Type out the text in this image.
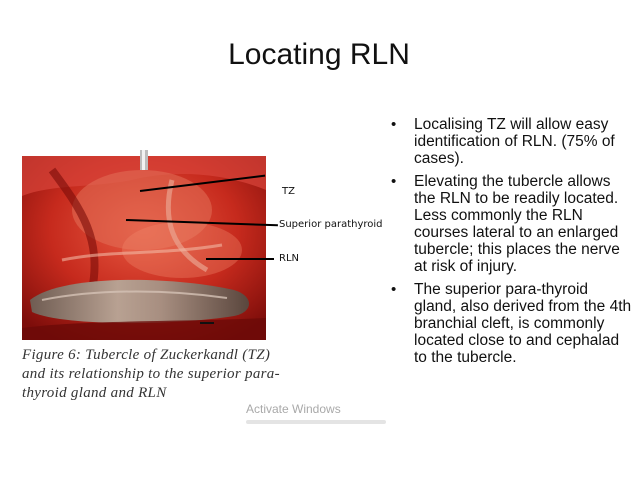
Locating RLN
TZ
Superior parathyroid
RLN
Figure 6: Tubercle of Zuckerkandl (TZ)
and its relationship to the superior para-
thyroid gland and RLN
Activate Windows
• Localising TZ will allow easy identification of RLN. (75% of cases).
• Elevating the tubercle allows the RLN to be readily located. Less commonly the RLN courses lateral to an enlarged tubercle; this places the nerve at risk of injury.
• The superior para-thyroid gland, also derived from the 4th branchial cleft, is commonly located close to and cephalad to the tubercle.
